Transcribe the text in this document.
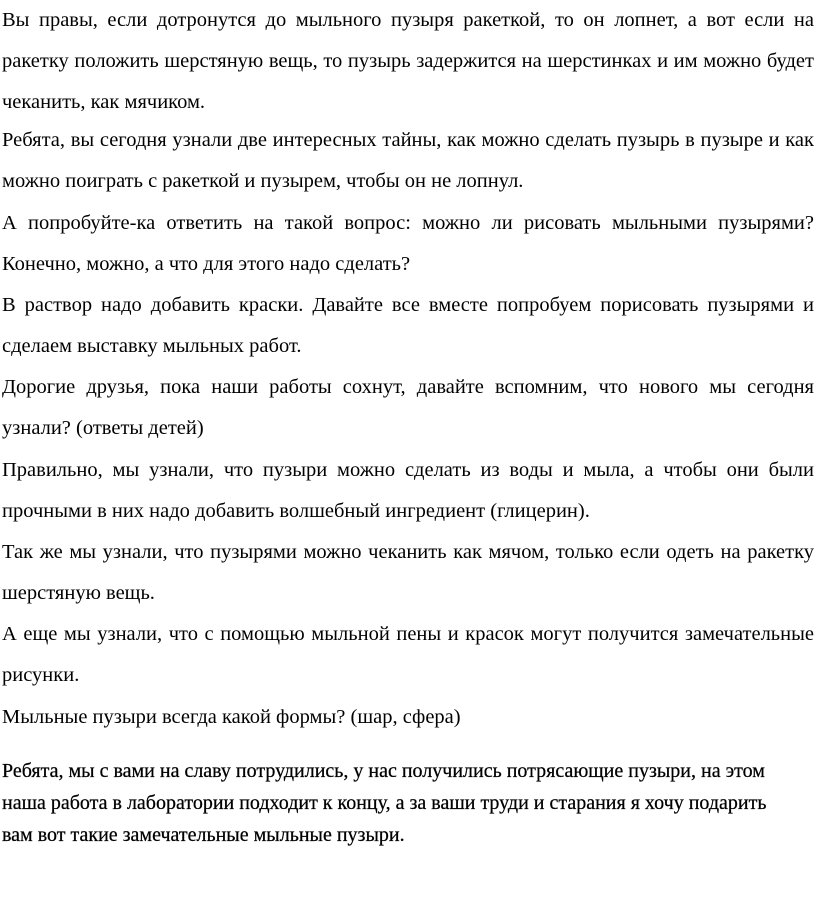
Вы правы, если дотронутся до мыльного пузыря ракеткой, то он лопнет, а вот если на ракетку положить шерстяную вещь, то пузырь задержится на шерстинках и им можно будет чеканить, как мячиком.

Ребята, вы сегодня узнали две интересных тайны, как можно сделать пузырь в пузыре и как можно поиграть с ракеткой и пузырем, чтобы он не лопнул.

А попробуйте-ка ответить на такой вопрос: можно ли рисовать мыльными пузырями? Конечно, можно, а что для этого надо сделать?

В раствор надо добавить краски. Давайте все вместе попробуем порисовать пузырями и сделаем выставку мыльных работ.

Дорогие друзья, пока наши работы сохнут, давайте вспомним, что нового мы сегодня узнали? (ответы детей)

Правильно, мы узнали, что пузыри можно сделать из воды и мыла, а чтобы они были прочными в них надо добавить волшебный ингредиент (глицерин).

Так же мы узнали, что пузырями можно чеканить как мячом, только если одеть на ракетку шерстяную вещь.

А еще мы узнали, что с помощью мыльной пены и красок могут получится замечательные рисунки.

Мыльные пузыри всегда какой формы? (шар, сфера)

Ребята, мы с вами на славу потрудились, у нас получились потрясающие пузыри, на этом наша работа в лаборатории подходит к концу, а за ваши труди и старания я хочу подарить вам вот такие замечательные мыльные пузыри.
